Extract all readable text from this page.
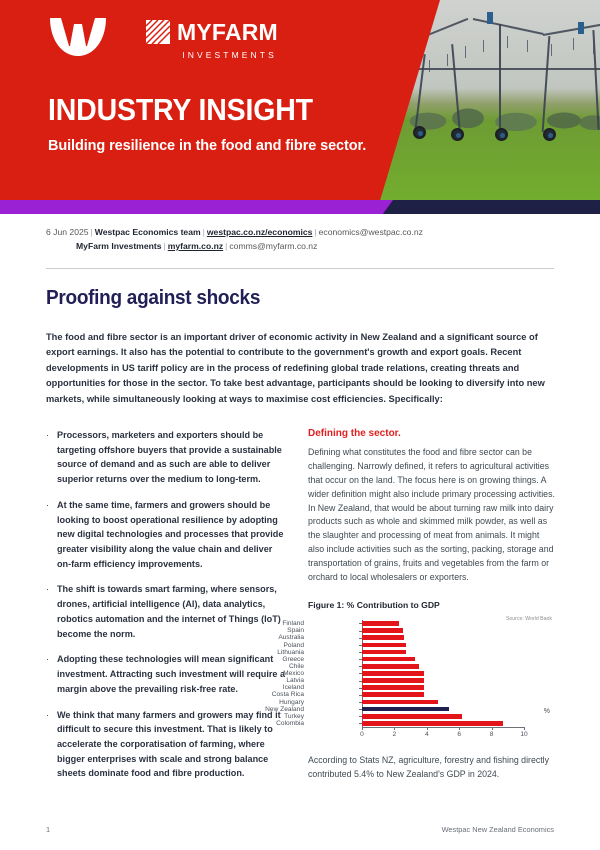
MYFARM
INVESTMENTS
INDUSTRY INSIGHT
Building resilience in the food and fibre sector.
6 Jun 2025 | Westpac Economics team | westpac.co.nz/economics | economics@westpac.co.nz
MyFarm Investments | myfarm.co.nz | comms@myfarm.co.nz
Proofing against shocks
The food and fibre sector is an important driver of economic activity in New Zealand and a significant source of export earnings. It also has the potential to contribute to the government's growth and export goals. Recent developments in US tariff policy are in the process of redefining global trade relations, creating threats and opportunities for those in the sector. To take best advantage, participants should be looking to diversify into new markets, while simultaneously looking at ways to maximise cost efficiencies. Specifically:
· Processors, marketers and exporters should be targeting offshore buyers that provide a sustainable source of demand and as such are able to deliver superior returns over the medium to long-term.
· At the same time, farmers and growers should be looking to boost operational resilience by adopting new digital technologies and processes that provide greater visibility along the value chain and deliver on-farm efficiency improvements.
· The shift is towards smart farming, where sensors, drones, artificial intelligence (AI), data analytics, robotics automation and the internet of Things (IoT) become the norm.
· Adopting these technologies will mean significant investment. Attracting such investment will require a margin above the prevailing risk-free rate.
· We think that many farmers and growers may find it difficult to secure this investment. That is likely to accelerate the corporatisation of farming, where bigger enterprises with scale and strong balance sheets dominate food and fibre production.
Defining the sector.
Defining what constitutes the food and fibre sector can be challenging. Narrowly defined, it refers to agricultural activities that occur on the land. The focus here is on growing things. A wider definition might also include primary processing activities. In New Zealand, that would be about turning raw milk into dairy products such as whole and skimmed milk powder, as well as the slaughter and processing of meat from animals. It might also include activities such as the sorting, packing, storage and transportation of grains, fruits and vegetables from the farm or orchard to local wholesalers or exporters.
Figure 1: % Contribution to GDP
Source: World Bank
%
Finland
Spain
Australia
Poland
Lithuania
Greece
Chile
Mexico
Latvia
Iceland
Costa Rica
Hungary
New Zealand
Turkey
Colombia
0	2	4	6	8	10
According to Stats NZ, agriculture, forestry and fishing directly contributed 5.4% to New Zealand's GDP in 2024.
1	Westpac New Zealand Economics
